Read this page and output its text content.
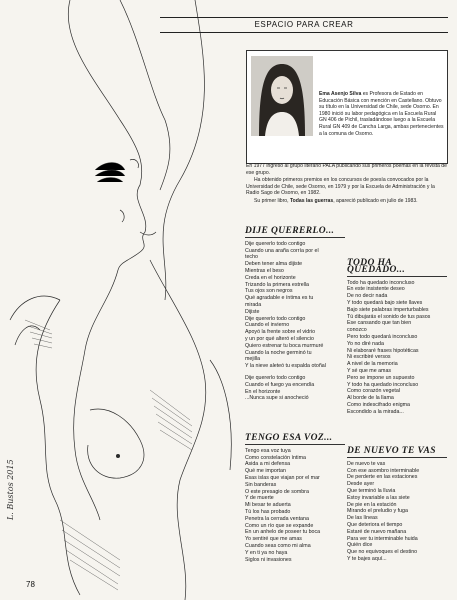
L. Bustos 2015
78
ESPACIO PARA CREAR
Ema Asenjo Silva es Profesora de Estado en Educación Básica con mención en Castellano. Obtuvo su título en la Universidad de Chile, sede Osorno. En 1980 inició su labor pedagógica en la Escuela Rural GN 406 de Pichil, trasladándose luego a la Escuela Rural GN 409 de Cancha Larga, ambas pertenecientes a la comuna de Osorno.

En 1977 ingresó al grupo literario PALA publicando sus primeros poemas en la revista de ese grupo.

Ha obtenido primeros premios en los concursos de poesía convocados por la Universidad de Chile, sede Osorno, en 1979 y por la Escuela de Administración y la Radio Sago de Osorno, en 1982.

Su primer libro, Todas las guerras, apareció publicado en julio de 1983.

DIJE QUERERLO...
Dije quererlo todo contigo
Cuando una araña corría por el
techo
Deben tener alma dijiste
Mientras el beso
Creda en el horizonte
Trizando la primera estrella
Tus ojos son negros
Qué agradable e íntima es tu
mirada
Dijiste
Dije quererlo todo contigo
Cuando el invierno
Apoyó la frente sobre el vidrio
y un por qué alteró el silencio
Quiero estrenar tu boca murmuré
Cuando la noche germinó tu
mejilla
Y la nieve aleteó tu espalda otoñal
Dije quererlo todo contigo
Cuando el fuego ya encendía
En el horizonte
...Nunca supe si anocheció
TENGO ESA VOZ...
Tengo esa voz tuya
Como constelación íntima
Asida a mi defensa
Qué me importan
Esas islas que viajan por el mar
Sin banderas
O este presagio de sombra
Y de muerte
Mi besar te aduerta
Tú los has probado
Penetra la cerrada ventana
Como un río que se expande
En un anhelo de poseer tu boca
Yo sentiré que me amas
Cuando seas como mi alma
Y en ti ya no haya
Siglos ni invasiones
TODO HA QUEDADO...
Todo ha quedado inconcluso
En este insistente deseo
De no decir nada
Y todo quedará bajo siete llaves
Bajo siete palabras imperturbables
Tú dibujarás el sonido de tus pasos
Ese cansando que tan bien
conozco
Pero todo quedará inconcluso
Yo no diré nada
Ni elaboraré frases hipotéticas
Ni escribiré versos
A nivel de la memoria
Y sé que me amas
Pero se impone un supuesto
Y todo ha quedado inconcluso
Como corazón vegetal
Al borde de la llama
Como indescifrado enigma
Escondido a la mirada...
DE NUEVO TE VAS
De nuevo te vas
Con ese asombro interminable
De perderte en las estaciones
Desde ayer
Que terminó la lluvia
Estoy invariable a las siete
De pie en la estación
Mirando el preludio y fuga
De las líneas
Que deteriora el tiempo
Estaré de nuevo mañana
Para ver tu interminable huida
Quién dice
Que no equivoques el destino
Y te bajes aquí...
